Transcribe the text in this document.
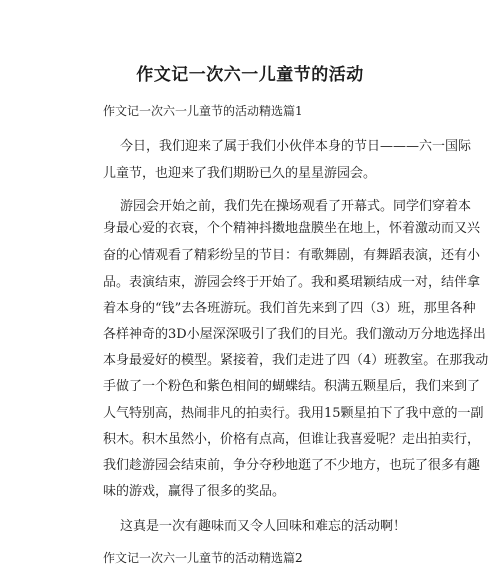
作文记一次六一儿童节的活动
作文记一次六一儿童节的活动精选篇1
今日，我们迎来了属于我们小伙伴本身的节日———六一国际
儿童节，也迎来了我们期盼已久的星星游园会。
游园会开始之前，我们先在操场观看了开幕式。同学们穿着本
身最心爱的衣衰，个个精神抖擞地盘膜坐在地上，怀着激动而又兴
奋的心情观看了精彩纷呈的节目：有歌舞剧，有舞蹈表演，还有小
品。表演结束，游园会终于开始了。我和奚珺颖结成一对，结伴拿
着本身的“钱”去各班游玩。我们首先来到了四（3）班，那里各种
各样神奇的3D小屋深深吸引了我们的目光。我们激动万分地选择出
本身最爱好的模型。紧接着，我们走进了四（4）班教室。在那我动
手做了一个粉色和紫色相间的蝴蝶结。积满五颗星后，我们来到了
人气特别高，热闹非凡的拍卖行。我用15颗星拍下了我中意的一副
积木。积木虽然小，价格有点高，但谁让我喜爱呢？走出拍卖行，
我们趁游园会结束前，争分夺秒地逛了不少地方，也玩了很多有趣
味的游戏，赢得了很多的奖品。
这真是一次有趣味而又令人回味和难忘的活动啊！
作文记一次六一儿童节的活动精选篇2
